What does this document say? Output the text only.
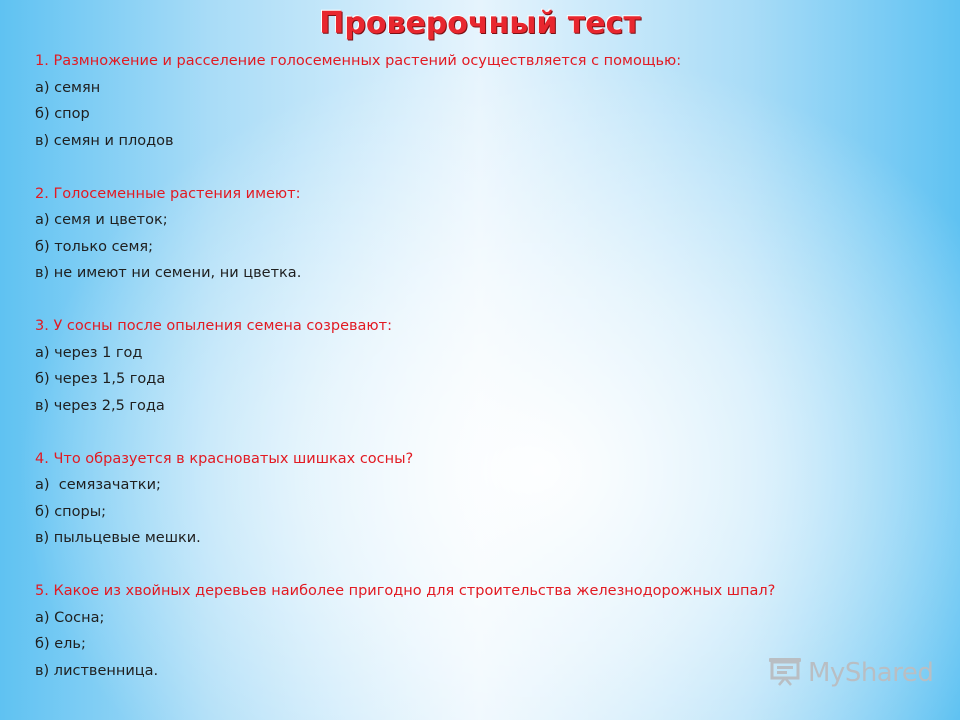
Проверочный тест
1. Размножение и расселение голосеменных растений осуществляется с помощью:
а) семян
б) спор
в) семян и плодов
2. Голосеменные растения имеют:
а) семя и цветок;
б) только семя;
в) не имеют ни семени, ни цветка.
3. У сосны после опыления семена созревают:
а) через 1 год
б) через 1,5 года
в) через 2,5 года
4. Что образуется в красноватых шишках сосны?
а)  семязачатки;
б) споры;
в) пыльцевые мешки.
5. Какое из хвойных деревьев наиболее пригодно для строительства железнодорожных шпал?
а) Сосна;
б) ель;
в) лиственница.	MyShared
